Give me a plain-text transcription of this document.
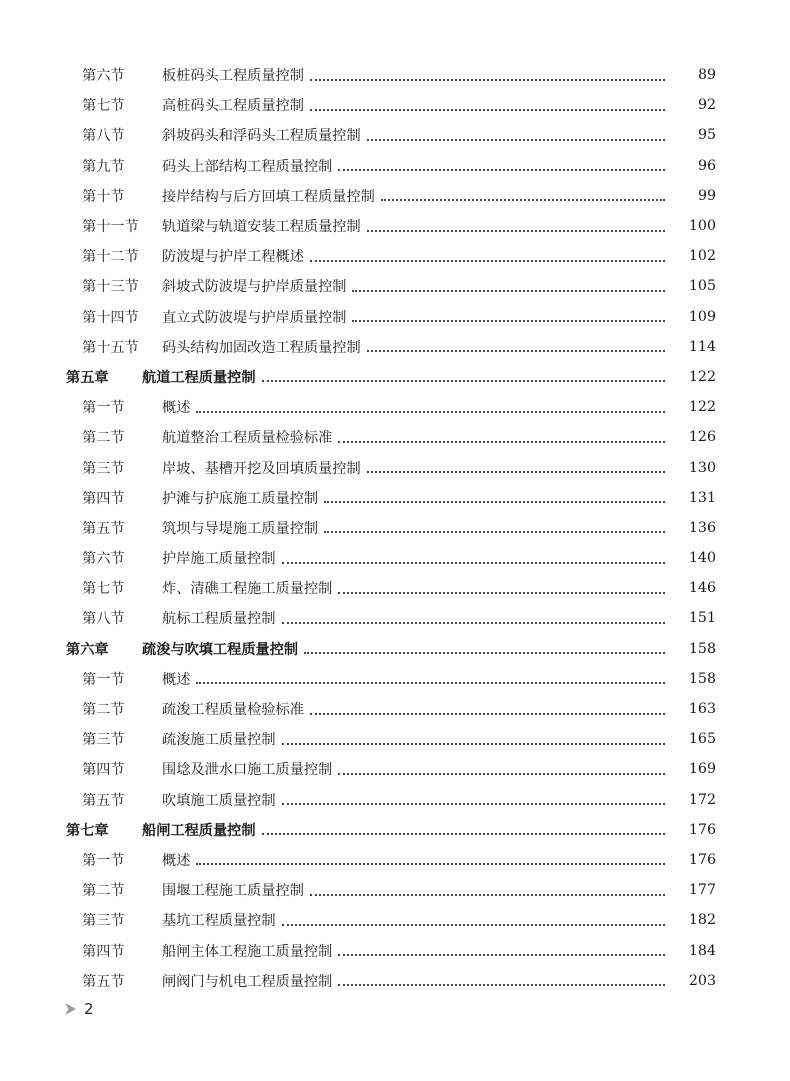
第六节	板桩码头工程质量控制	89
第七节	高桩码头工程质量控制	92
第八节	斜坡码头和浮码头工程质量控制	95
第九节	码头上部结构工程质量控制	96
第十节	接岸结构与后方回填工程质量控制	99
第十一节	轨道梁与轨道安装工程质量控制	100
第十二节	防波堤与护岸工程概述	102
第十三节	斜坡式防波堤与护岸质量控制	105
第十四节	直立式防波堤与护岸质量控制	109
第十五节	码头结构加固改造工程质量控制	114
第五章	航道工程质量控制	122
第一节	概述	122
第二节	航道整治工程质量检验标准	126
第三节	岸坡、基槽开挖及回填质量控制	130
第四节	护滩与护底施工质量控制	131
第五节	筑坝与导堤施工质量控制	136
第六节	护岸施工质量控制	140
第七节	炸、清礁工程施工质量控制	146
第八节	航标工程质量控制	151
第六章	疏浚与吹填工程质量控制	158
第一节	概述	158
第二节	疏浚工程质量检验标准	163
第三节	疏浚施工质量控制	165
第四节	围埝及泄水口施工质量控制	169
第五节	吹填施工质量控制	172
第七章	船闸工程质量控制	176
第一节	概述	176
第二节	围堰工程施工质量控制	177
第三节	基坑工程质量控制	182
第四节	船闸主体工程施工质量控制	184
第五节	闸阀门与机电工程质量控制	203
2
